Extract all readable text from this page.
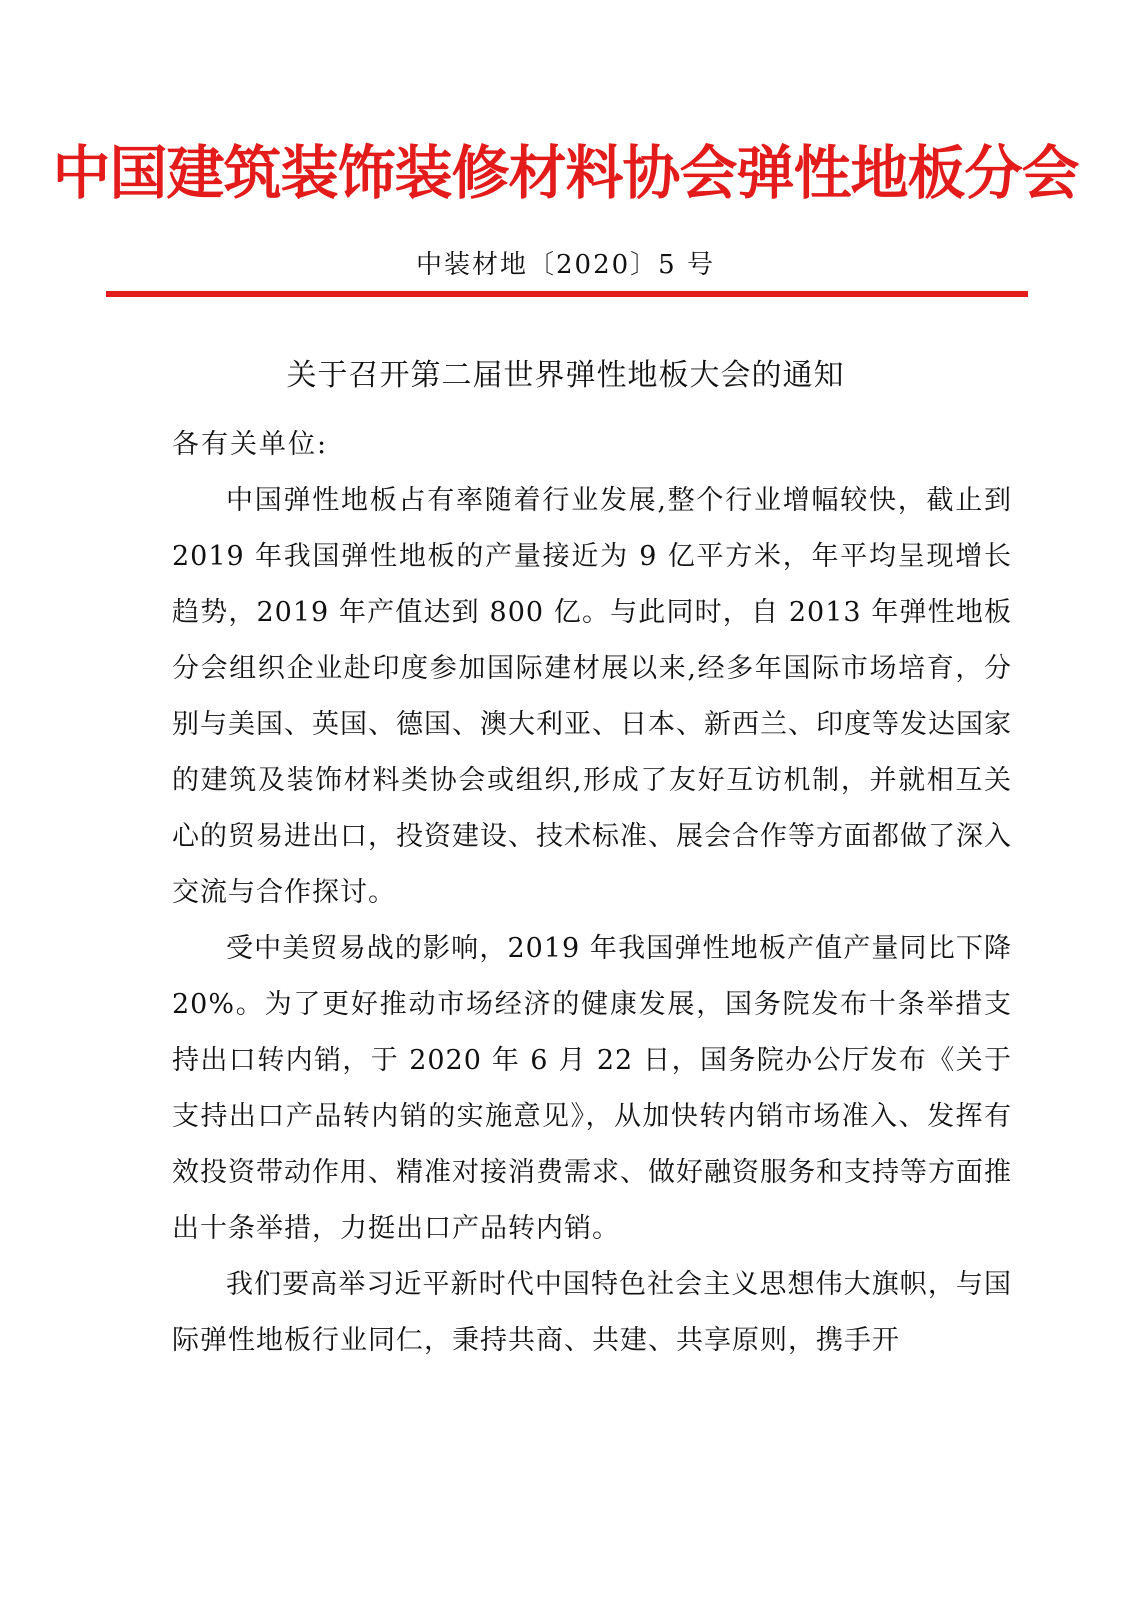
中国建筑装饰装修材料协会弹性地板分会
中装材地〔2020〕5 号
关于召开第二届世界弹性地板大会的通知

各有关单位:

中国弹性地板占有率随着行业发展,整个行业增幅较快，截止到 2019 年我国弹性地板的产量接近为 9 亿平方米，年平均呈现增长趋势，2019 年产值达到 800 亿。与此同时，自 2013 年弹性地板分会组织企业赴印度参加国际建材展以来,经多年国际市场培育，分别与美国、英国、德国、澳大利亚、日本、新西兰、印度等发达国家的建筑及装饰材料类协会或组织,形成了友好互访机制，并就相互关心的贸易进出口，投资建设、技术标准、展会合作等方面都做了深入交流与合作探讨。

受中美贸易战的影响，2019 年我国弹性地板产值产量同比下降 20%。为了更好推动市场经济的健康发展，国务院发布十条举措支持出口转内销，于 2020 年 6 月 22 日，国务院办公厅发布《关于支持出口产品转内销的实施意见》，从加快转内销市场准入、发挥有效投资带动作用、精准对接消费需求、做好融资服务和支持等方面推出十条举措，力挺出口产品转内销。

我们要高举习近平新时代中国特色社会主义思想伟大旗帜，与国际弹性地板行业同仁，秉持共商、共建、共享原则，携手开
